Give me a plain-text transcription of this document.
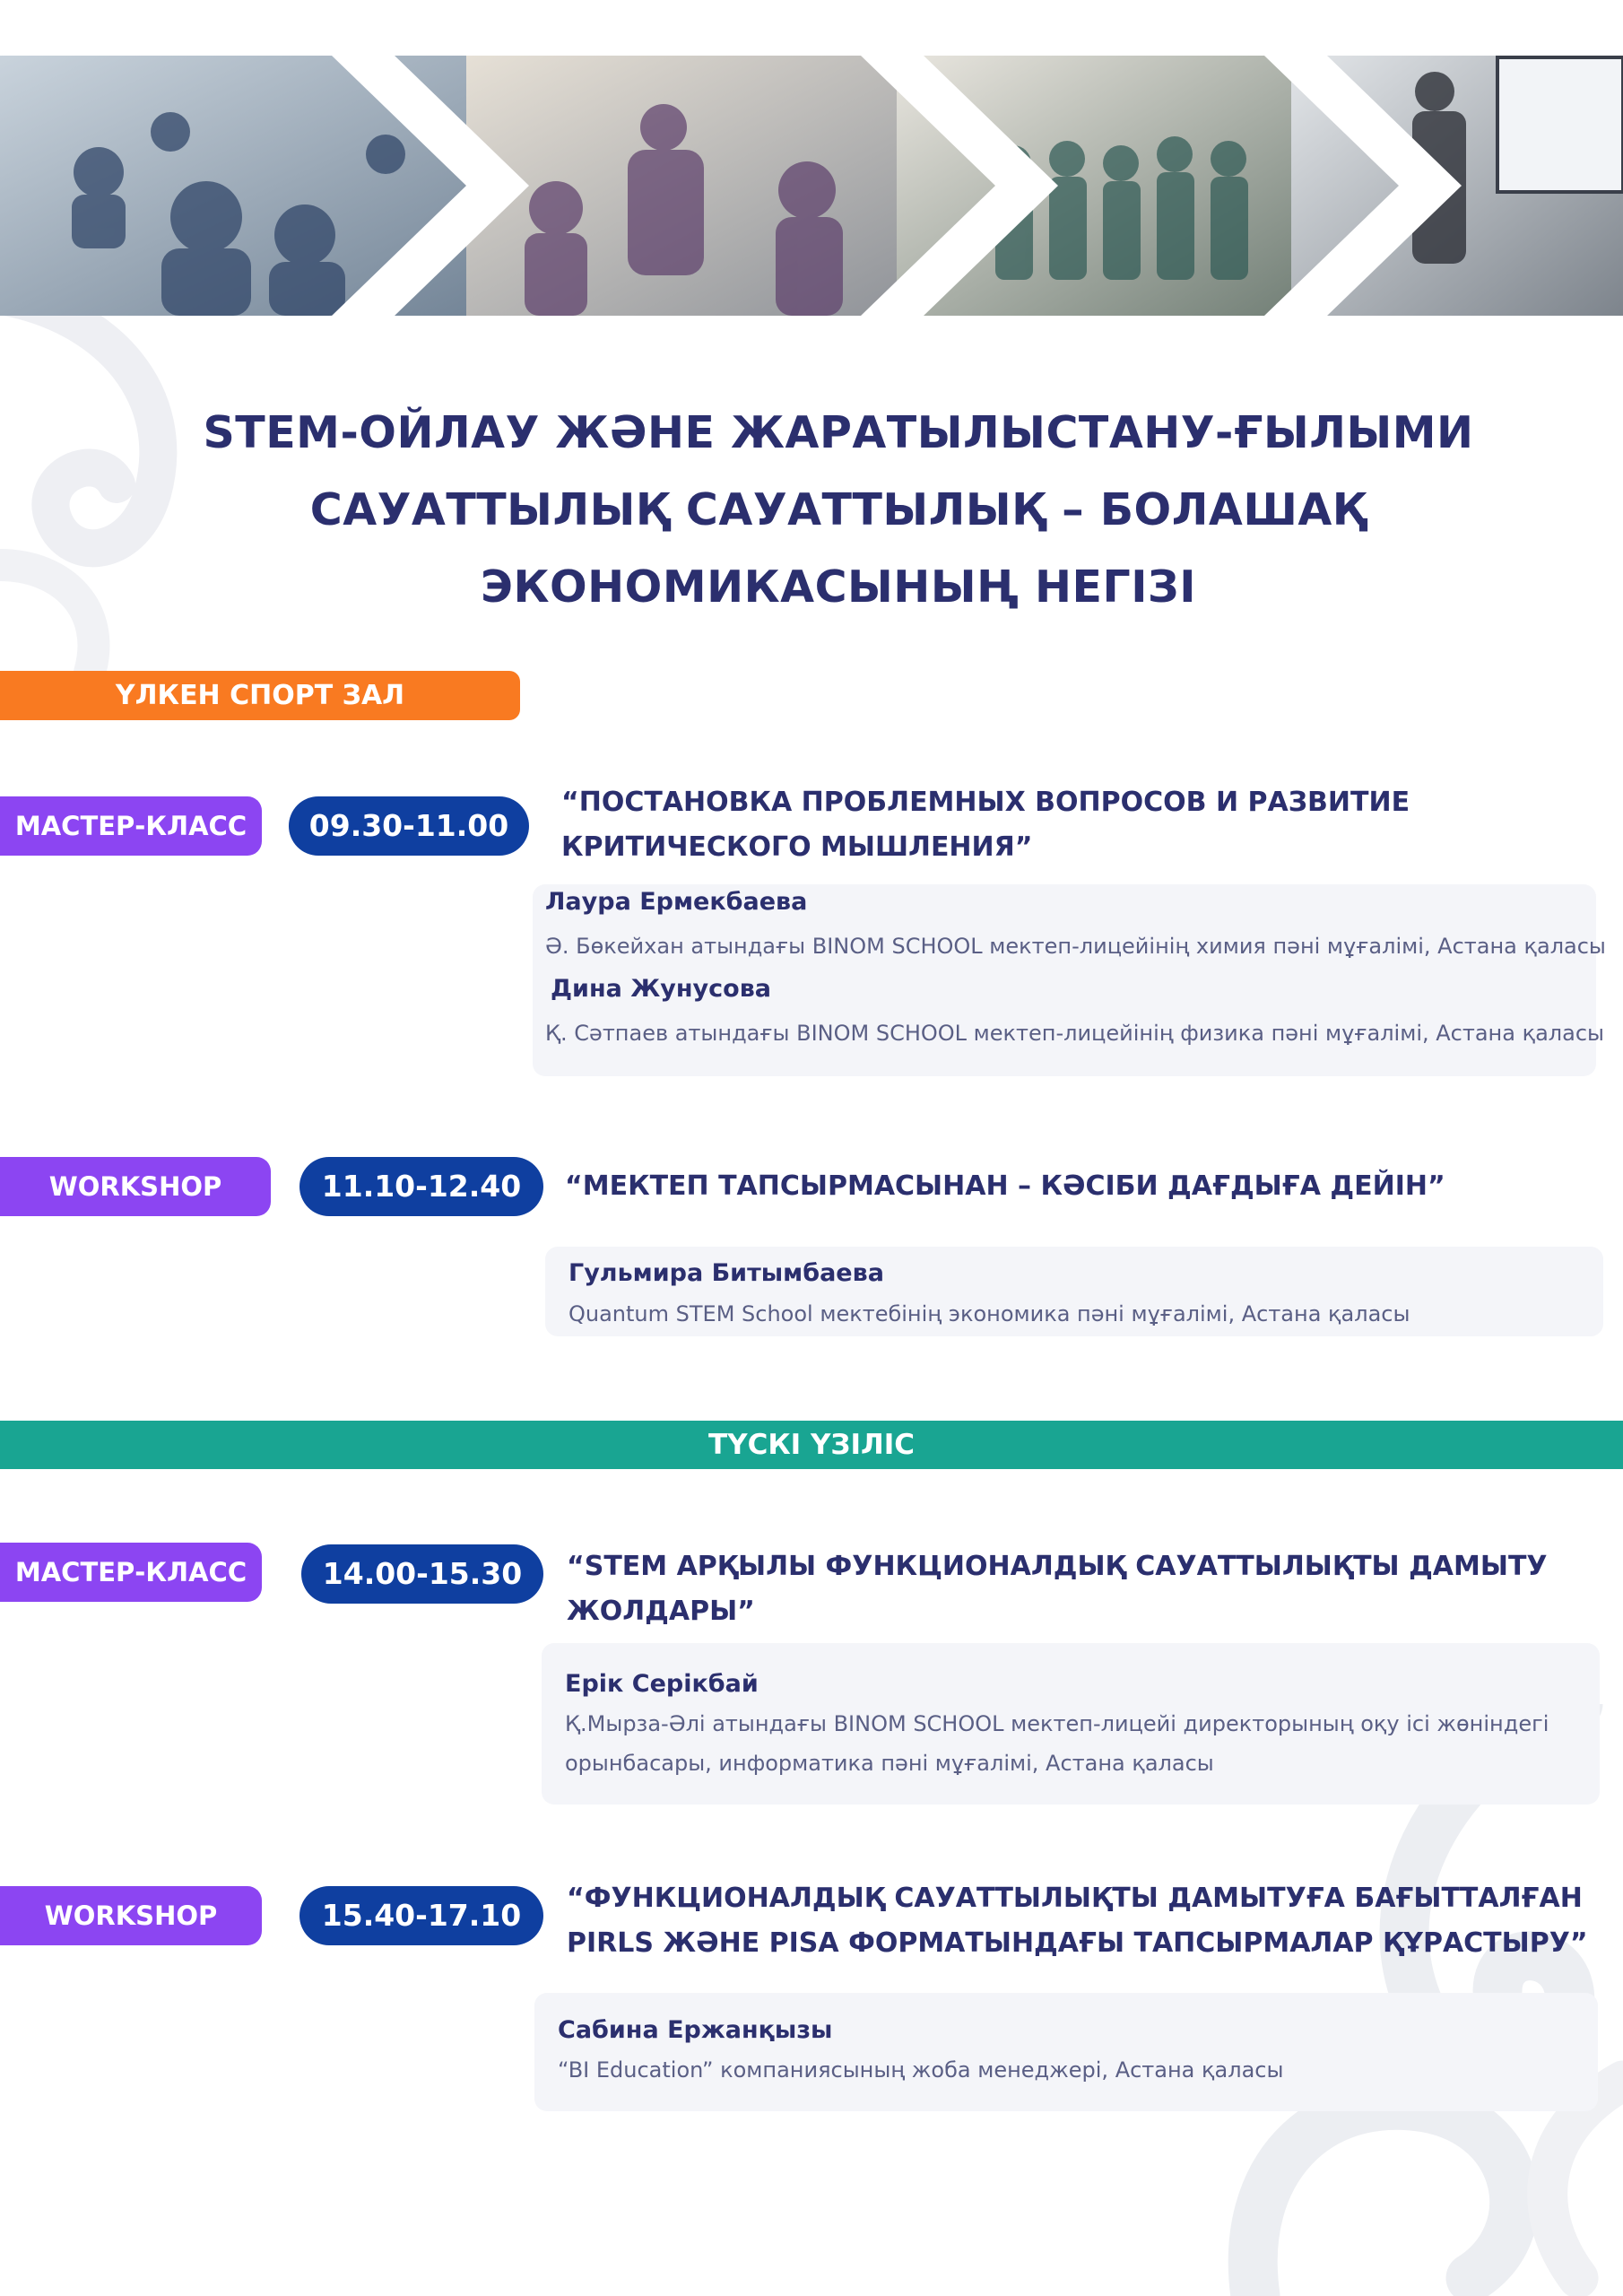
STEM-ОЙЛАУ ЖӘНЕ ЖАРАТЫЛЫСТАНУ-ҒЫЛЫМИ
САУАТТЫЛЫҚ САУАТТЫЛЫҚ – БОЛАШАҚ
ЭКОНОМИКАСЫНЫҢ НЕГІЗІ
ҮЛКЕН СПОРТ ЗАЛ
МАСТЕР-КЛАСС	09.30-11.00
“ПОСТАНОВКА ПРОБЛЕМНЫХ ВОПРОСОВ И РАЗВИТИЕ
КРИТИЧЕСКОГО МЫШЛЕНИЯ”
Лаура Ермекбаева
Ә. Бөкейхан атындағы BINOM SCHOOL мектеп-лицейінің химия пәні мұғалімі, Астана қаласы
Дина Жунусова
Қ. Сәтпаев атындағы BINOM SCHOOL мектеп-лицейінің физика пәні мұғалімі, Астана қаласы
WORKSHOP	11.10-12.40	“МЕКТЕП ТАПСЫРМАСЫНАН – КӘСІБИ ДАҒДЫҒА ДЕЙІН”
Гульмира Битымбаева
Quantum STEM School мектебінің экономика пәні мұғалімі, Астана қаласы
ТҮСКІ ҮЗІЛІС
МАСТЕР-КЛАСС	14.00-15.30	“STEM АРҚЫЛЫ ФУНКЦИОНАЛДЫҚ САУАТТЫЛЫҚТЫ ДАМЫТУ
ЖОЛДАРЫ”
Ерік Серікбай
Қ.Мырза-Әлі атындағы BINOM SCHOOL мектеп-лицейі директорының оқу ісі жөніндегі
орынбасары, информатика пәні мұғалімі, Астана қаласы
WORKSHOP	15.40-17.10	“ФУНКЦИОНАЛДЫҚ САУАТТЫЛЫҚТЫ ДАМЫТУҒА БАҒЫТТАЛҒАН
PIRLS ЖӘНЕ PISA ФОРМАТЫНДАҒЫ ТАПСЫРМАЛАР ҚҰРАСТЫРУ”
Сабина Ержанқызы
“BI Education” компаниясының жоба менеджері, Астана қаласы
